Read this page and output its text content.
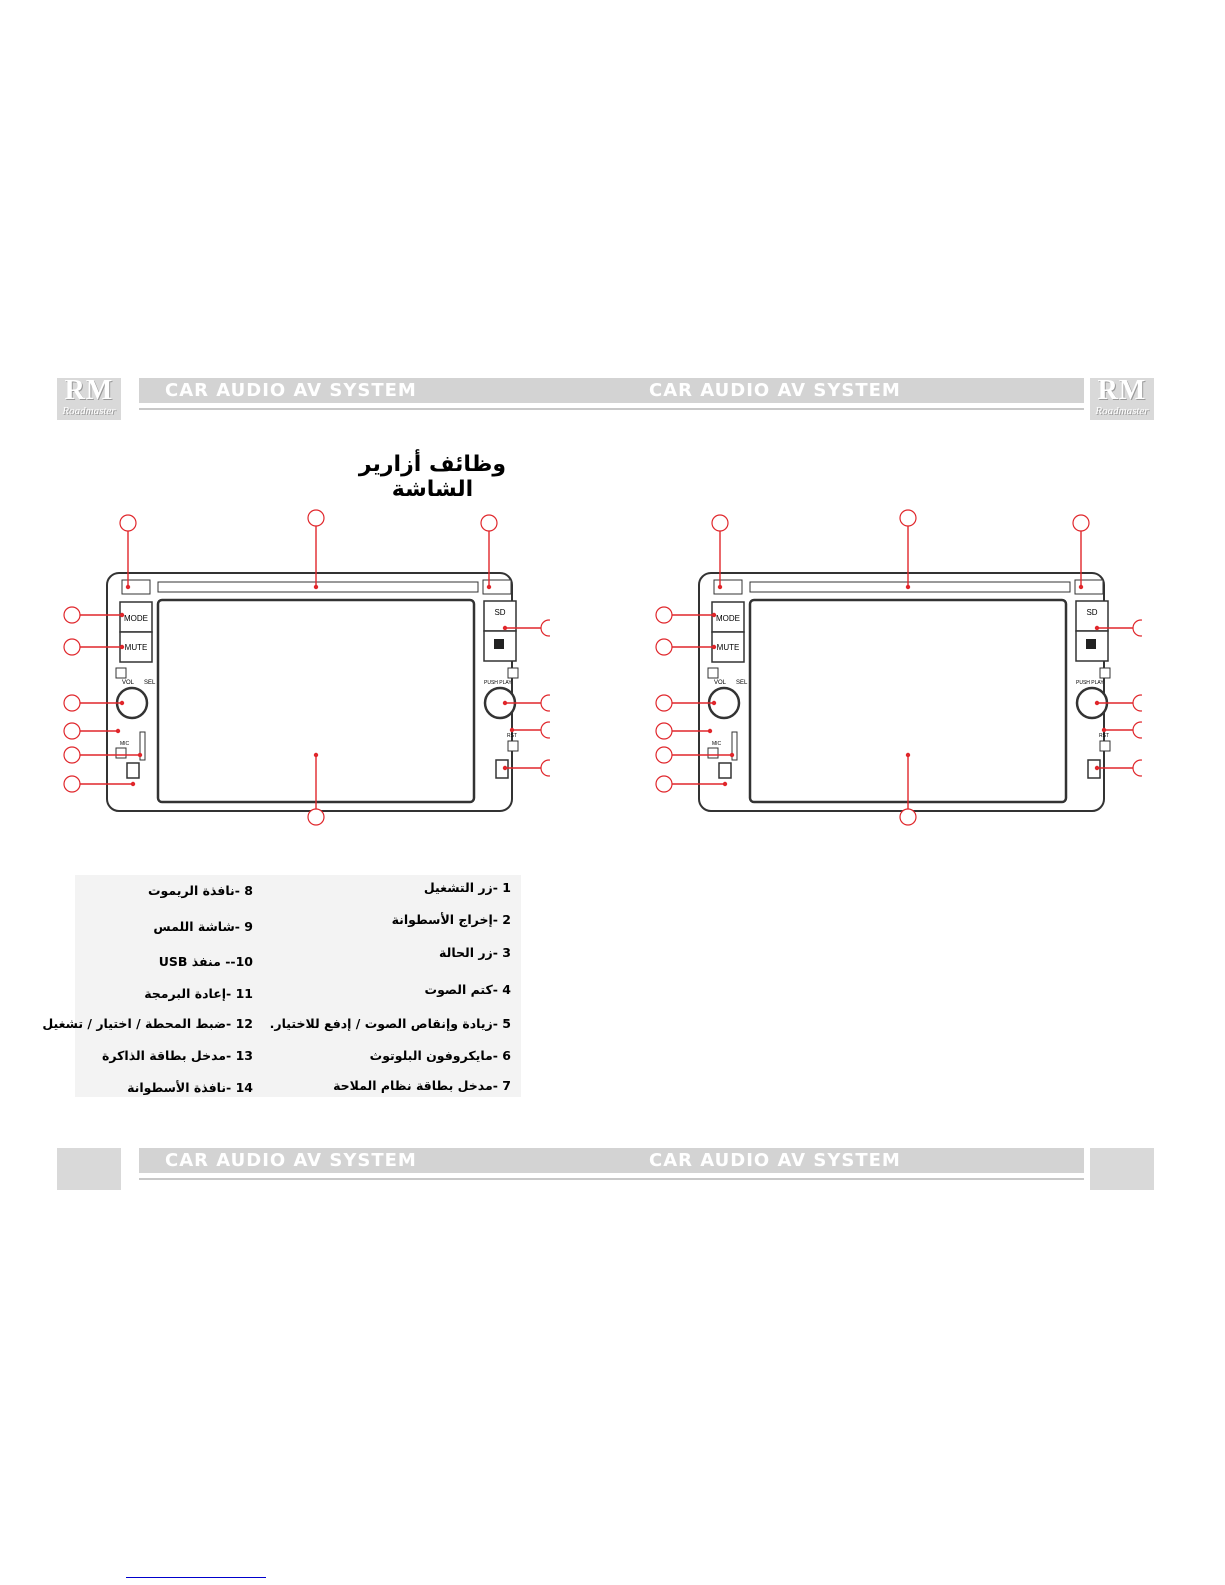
RM
Roadmaster
CAR AUDIO AV SYSTEM	CAR AUDIO AV SYSTEM	RM
Roadmaster
وظائف أزارير الشاشة
MODE
MUTE
VOL SEL
MIC
SD
PUSH PLAY
RST
MODE
MUTE
VOL SEL
MIC
SD
PUSH PLAY
RST
1 -زر التشغيل
2 -إخراج الأسطوانة
3 -زر الحالة
4 -كتم الصوت
5 -زيادة وإنقاص الصوت / إدفع للاختيار.
6 -مايكروفون البلوتوث
7 -مدخل بطاقة نظام الملاحة
8 -نافذة الريموت
9 -شاشة اللمس
10-- منفذ USB
11 -إعادة البرمجة
12 -ضبط المحطة / اختيار / تشغيل
13 -مدخل بطاقة الذاكرة
14 -نافذة الأسطوانة
CAR AUDIO AV SYSTEM	CAR AUDIO AV SYSTEM
